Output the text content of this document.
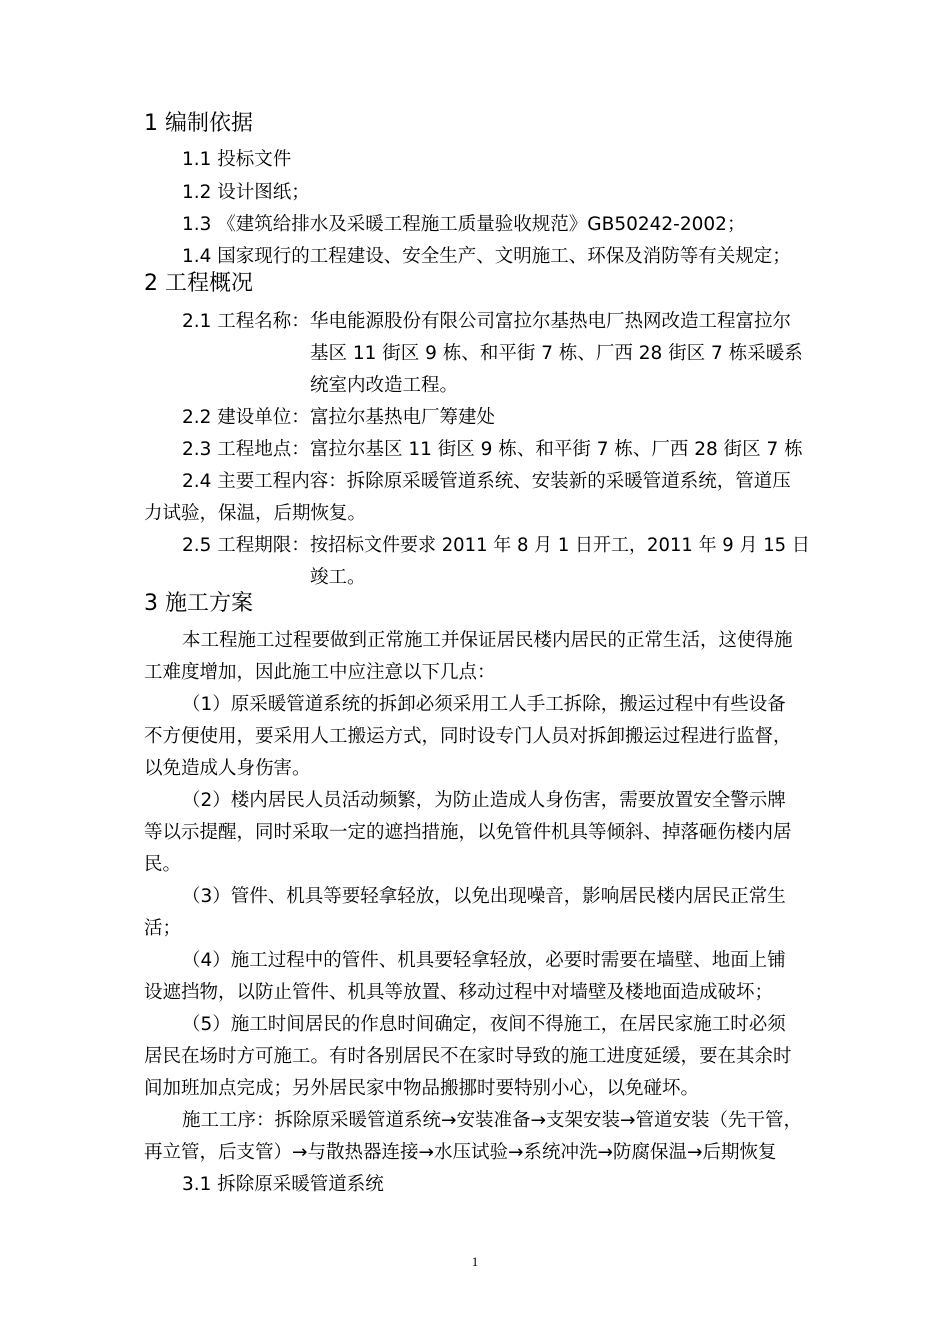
1 编制依据
1.1 投标文件
1.2 设计图纸；
1.3 《建筑给排水及采暖工程施工质量验收规范》GB50242-2002；
1.4 国家现行的工程建设、安全生产、文明施工、环保及消防等有关规定；
2 工程概况
2.1 工程名称： 华电能源股份有限公司富拉尔基热电厂热网改造工程富拉尔
基区 11 街区 9 栋、和平街 7 栋、厂西 28 街区 7 栋采暖系
统室内改造工程。
2.2 建设单位： 富拉尔基热电厂筹建处
2.3 工程地点： 富拉尔基区 11 街区 9 栋、和平街 7 栋、厂西 28 街区 7 栋
2.4 主要工程内容：拆除原采暖管道系统、安装新的采暖管道系统，管道压
力试验，保温，后期恢复。
2.5 工程期限： 按招标文件要求 2011 年 8 月 1 日开工，2011 年 9 月 15 日
竣工。
3 施工方案
本工程施工过程要做到正常施工并保证居民楼内居民的正常生活，这使得施
工难度增加，因此施工中应注意以下几点：
（1）原采暖管道系统的拆卸必须采用工人手工拆除，搬运过程中有些设备
不方便使用，要采用人工搬运方式，同时设专门人员对拆卸搬运过程进行监督，
以免造成人身伤害。
（2）楼内居民人员活动频繁，为防止造成人身伤害，需要放置安全警示牌
等以示提醒，同时采取一定的遮挡措施，以免管件机具等倾斜、掉落砸伤楼内居
民。
（3）管件、机具等要轻拿轻放，以免出现噪音，影响居民楼内居民正常生
活；
（4）施工过程中的管件、机具要轻拿轻放，必要时需要在墙壁、地面上铺
设遮挡物，以防止管件、机具等放置、移动过程中对墙壁及楼地面造成破坏；
（5）施工时间居民的作息时间确定，夜间不得施工，在居民家施工时必须
居民在场时方可施工。有时各别居民不在家时导致的施工进度延缓，要在其余时
间加班加点完成；另外居民家中物品搬挪时要特别小心，以免碰坏。
施工工序：拆除原采暖管道系统→安装准备→支架安装→管道安装（先干管，
再立管，后支管）→与散热器连接→水压试验→系统冲洗→防腐保温→后期恢复
3.1 拆除原采暖管道系统
1
